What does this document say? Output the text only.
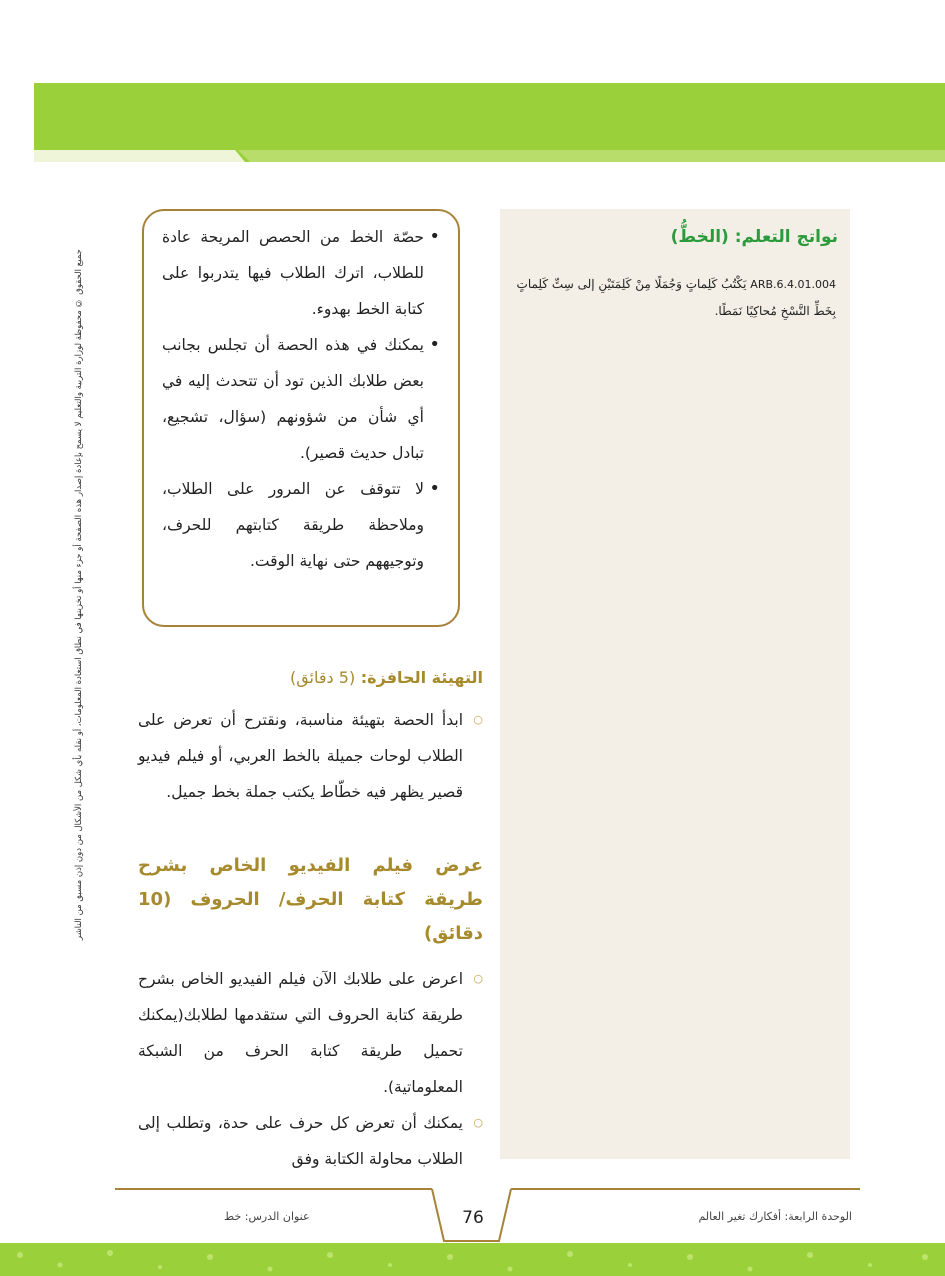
جميع الحقوق © محفوظة لوزارة التربية والتعليم لا يسمح بإعادة إصدار هذه الصفحة أو جزء منها أو تخزينها في نطاق استعادة المعلومات، أو نقله بأي شكل من الأشكال من دون إذن مسبق من الناشر
نواتج التعلم: (الخطُّ)
ARB.6.4.01.004 يَكْتُبُ كَلِماتٍ وَجُمَلًا مِنْ كَلِمَتَيْنِ إلى سِتِّ كَلِماتٍ بِخَطِّ النَّسْخِ مُحاكِيًا نَمَطًا.
• حصّة الخط من الحصص المريحة عادة للطلاب، اترك الطلاب فيها يتدربوا على كتابة الخط بهدوء.
• يمكنك في هذه الحصة أن تجلس بجانب بعض طلابك الذين تود أن تتحدث إليه في أي شأن من شؤونهم (سؤال، تشجيع، تبادل حديث قصير).
• لا تتوقف عن المرور على الطلاب، وملاحظة طريقة كتابتهم للحرف، وتوجيههم حتى نهاية الوقت.
التهيئة الحافزة: (5 دقائق)
○ ابدأ الحصة بتهيئة مناسبة، ونقترح أن تعرض على الطلاب لوحات جميلة بالخط العربي، أو فيلم فيديو قصير يظهر فيه خطّاط يكتب جملة بخط جميل.
عرض فيلم الفيديو الخاص بشرح طريقة كتابة الحرف/ الحروف (10 دقائق)
○ اعرض على طلابك الآن فيلم الفيديو الخاص بشرح طريقة كتابة الحروف التي ستقدمها لطلابك(يمكنك تحميل طريقة كتابة الحرف من الشبكة المعلوماتية).
○ يمكنك أن تعرض كل حرف على حدة، وتطلب إلى الطلاب محاولة الكتابة وفق
76
عنوان الدرس: خط	الوحدة الرابعة: أفكارك تغير العالم
